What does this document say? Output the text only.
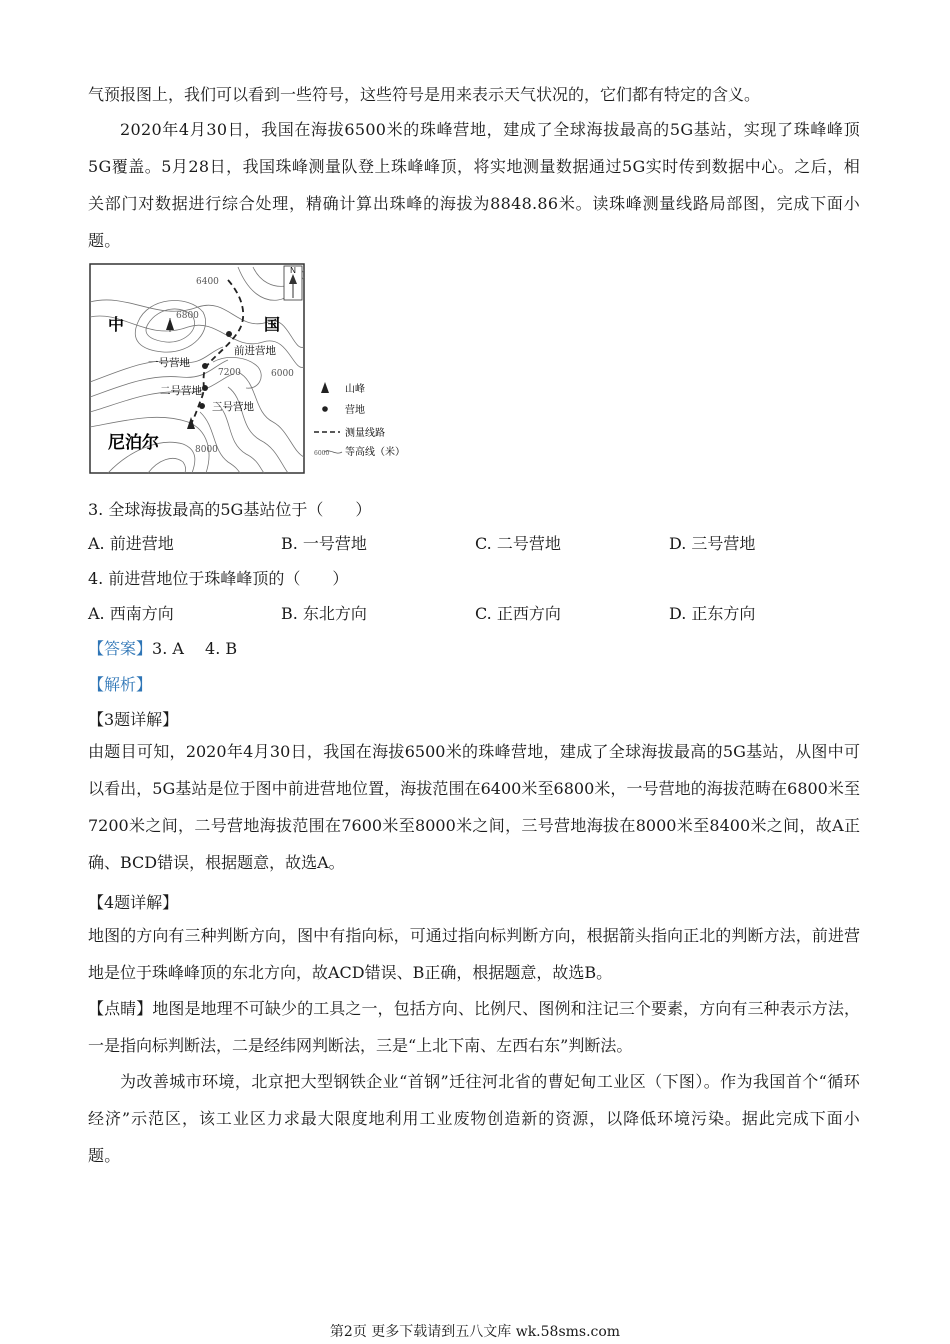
气预报图上，我们可以看到一些符号，这些符号是用来表示天气状况的，它们都有特定的含义。

2020年4月30日，我国在海拔6500米的珠峰营地，建成了全球海拔最高的5G基站，实现了珠峰峰顶5G覆盖。5月28日，我国珠峰测量队登上珠峰峰顶，将实地测量数据通过5G实时传到数据中心。之后，相关部门对数据进行综合处理，精确计算出珠峰的海拔为8848.86米。读珠峰测量线路局部图，完成下面小题。

N
中	国
尼泊尔
6400
6800
7200	6000
8000
前进营地
一号营地
二号营地
三号营地
山峰
营地
测量线路
6000 等高线（米）

3. 全球海拔最高的5G基站位于（　　）

A. 前进营地	B. 一号营地	C. 二号营地	D. 三号营地

4. 前进营地位于珠峰峰顶的（　　）

A. 西南方向	B. 东北方向	C. 正西方向	D. 正东方向

【答案】3. A　 4. B

【解析】

【3题详解】

由题目可知，2020年4月30日，我国在海拔6500米的珠峰营地，建成了全球海拔最高的5G基站，从图中可以看出，5G基站是位于图中前进营地位置，海拔范围在6400米至6800米，一号营地的海拔范畴在6800米至7200米之间，二号营地海拔范围在7600米至8000米之间，三号营地海拔在8000米至8400米之间，故A正确、BCD错误，根据题意，故选A。

【4题详解】

地图的方向有三种判断方向，图中有指向标，可通过指向标判断方向，根据箭头指向正北的判断方法，前进营地是位于珠峰峰顶的东北方向，故ACD错误、B正确，根据题意，故选B。

【点睛】地图是地理不可缺少的工具之一，包括方向、比例尺、图例和注记三个要素，方向有三种表示方法，一是指向标判断法，二是经纬网判断法，三是“上北下南、左西右东”判断法。

为改善城市环境，北京把大型钢铁企业“首钢”迁往河北省的曹妃甸工业区（下图）。作为我国首个“循环经济”示范区，该工业区力求最大限度地利用工业废物创造新的资源，以降低环境污染。据此完成下面小题。

第2页 更多下载请到五八文库 wk.58sms.com
